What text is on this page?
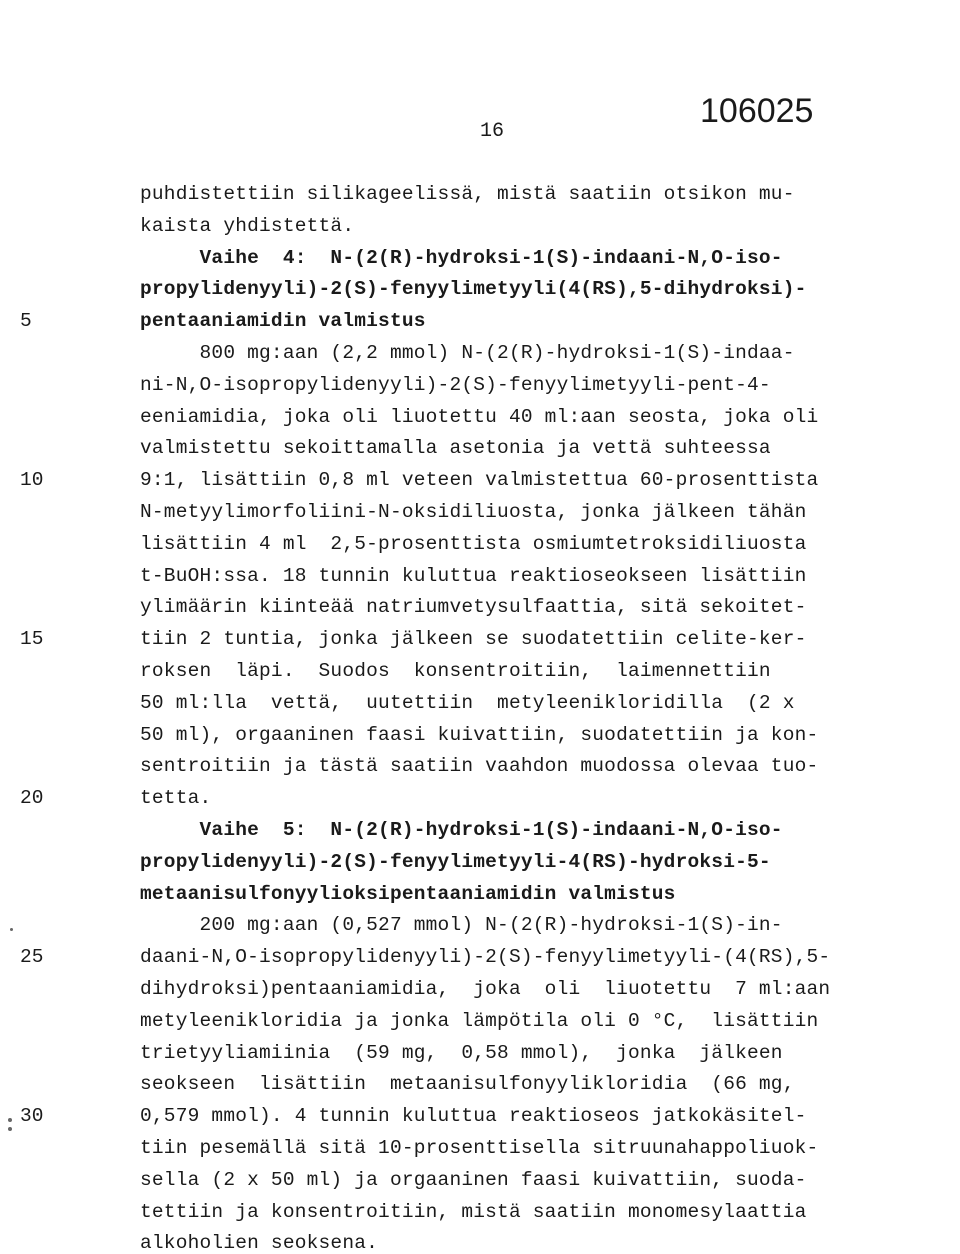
16
106025
puhdistettiin silikageelissä, mistä saatiin otsikon mu-
kaista yhdistettä.
Vaihe  4:  N-(2(R)-hydroksi-1(S)-indaani-N,O-iso-
propylidenyyli)-2(S)-fenyylimetyyli(4(RS),5-dihydroksi)-
pentaaniamidin valmistus
800 mg:aan (2,2 mmol) N-(2(R)-hydroksi-1(S)-indaa-
ni-N,O-isopropylidenyyli)-2(S)-fenyylimetyyli-pent-4-
eeniamidia, joka oli liuotettu 40 ml:aan seosta, joka oli
valmistettu sekoittamalla asetonia ja vettä suhteessa
9:1, lisättiin 0,8 ml veteen valmistettua 60-prosenttista
N-metyylimorfoliini-N-oksidiliuosta, jonka jälkeen tähän
lisättiin 4 ml  2,5-prosenttista osmiumtetroksidiliuosta
t-BuOH:ssa. 18 tunnin kuluttua reaktioseokseen lisättiin
ylimäärin kiinteää natriumvetysulfaattia, sitä sekoitet-
tiin 2 tuntia, jonka jälkeen se suodatettiin celite-ker-
roksen  läpi.  Suodos  konsentroitiin,  laimennettiin
50 ml:lla  vettä,  uutettiin  metyleenikloridilla  (2 x
50 ml), orgaaninen faasi kuivattiin, suodatettiin ja kon-
sentroitiin ja tästä saatiin vaahdon muodossa olevaa tuo-
tetta.
Vaihe  5:  N-(2(R)-hydroksi-1(S)-indaani-N,O-iso-
propylidenyyli)-2(S)-fenyylimetyyli-4(RS)-hydroksi-5-
metaanisulfonyylioksipentaaniamidin valmistus
200 mg:aan (0,527 mmol) N-(2(R)-hydroksi-1(S)-in-
daani-N,O-isopropylidenyyli)-2(S)-fenyylimetyyli-(4(RS),5-
dihydroksi)pentaaniamidia,  joka  oli  liuotettu  7 ml:aan
metyleenikloridia ja jonka lämpötila oli 0 °C,  lisättiin
trietyyliamiinia  (59 mg,  0,58 mmol),  jonka  jälkeen
seokseen  lisättiin  metaanisulfonyylikloridia  (66 mg,
0,579 mmol). 4 tunnin kuluttua reaktioseos jatkokäsitel-
tiin pesemällä sitä 10-prosenttisella sitruunahappoliuok-
sella (2 x 50 ml) ja orgaaninen faasi kuivattiin, suoda-
tettiin ja konsentroitiin, mistä saatiin monomesylaattia
alkoholien seoksena.
5
10
15
20
25
30
